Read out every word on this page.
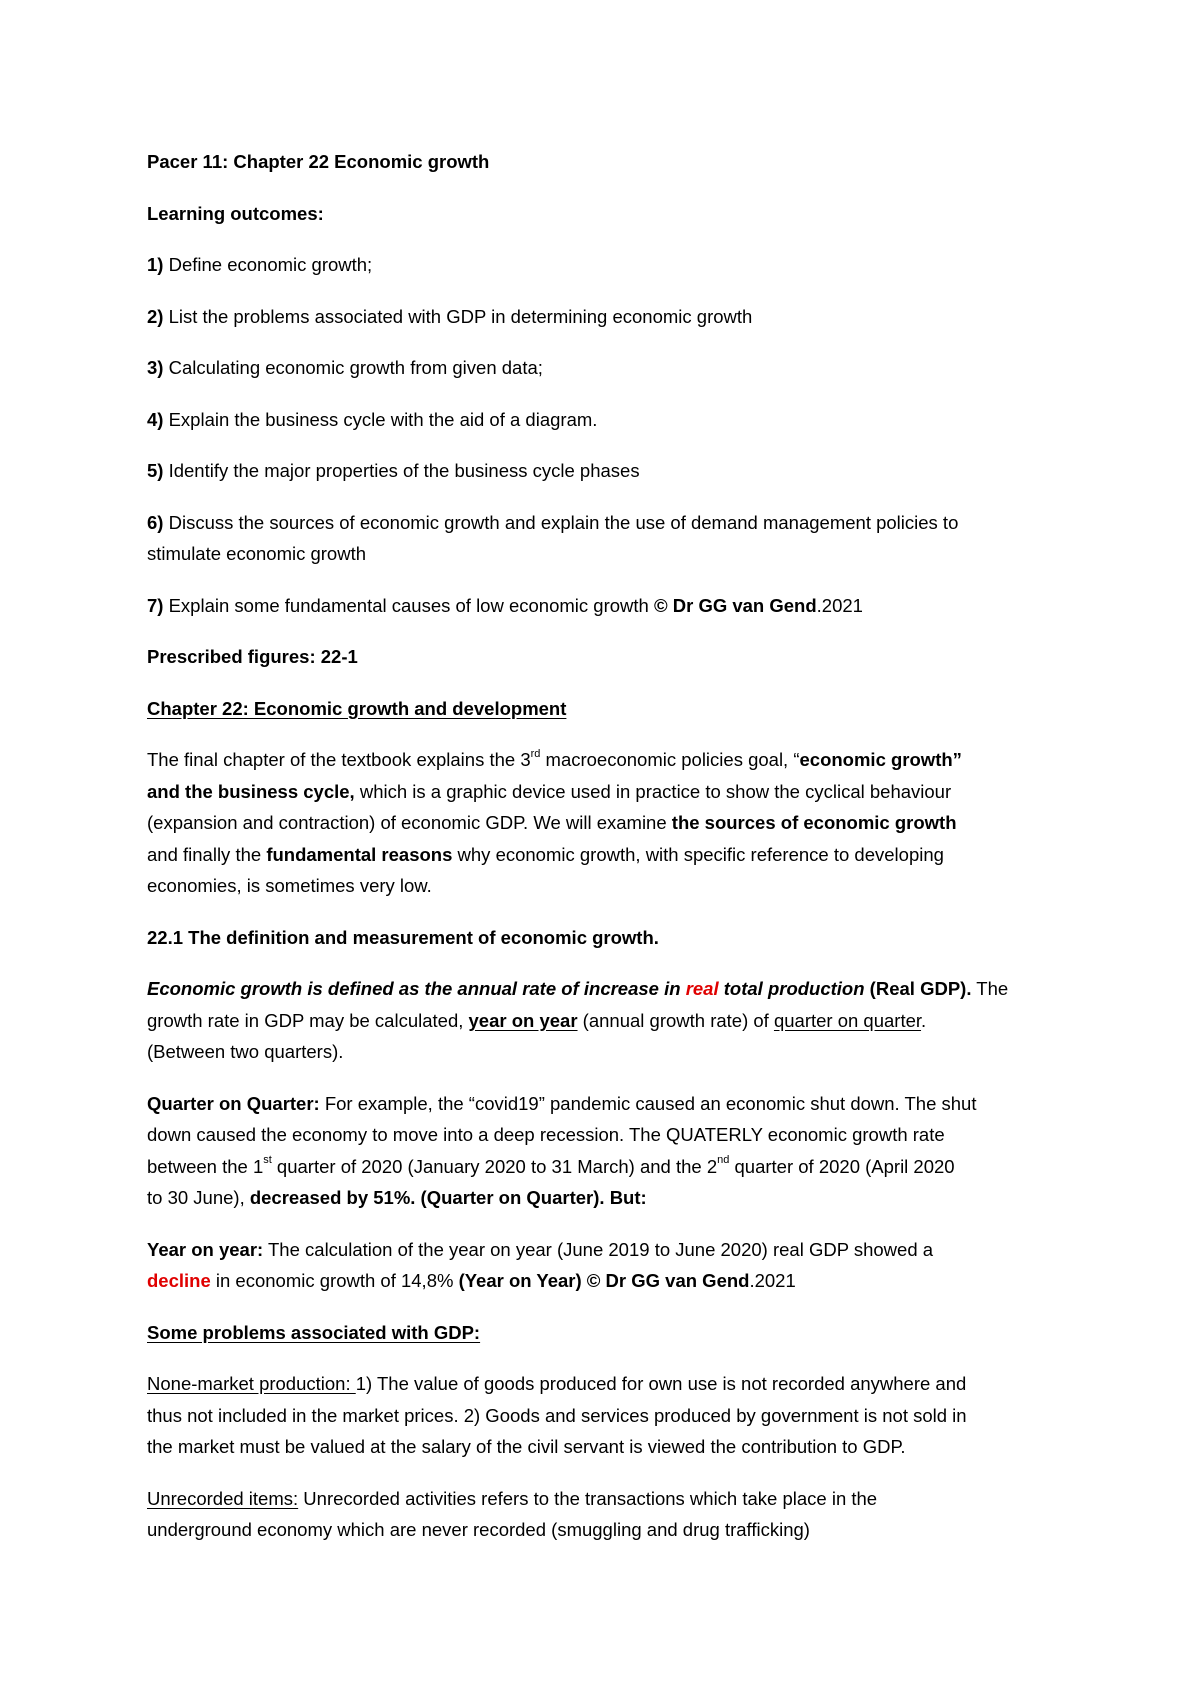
Pacer 11: Chapter 22 Economic growth

Learning outcomes:

1) Define economic growth;

2) List the problems associated with GDP in determining economic growth

3) Calculating economic growth from given data;

4) Explain the business cycle with the aid of a diagram.

5) Identify the major properties of the business cycle phases

6) Discuss the sources of economic growth and explain the use of demand management policies to
stimulate economic growth

7) Explain some fundamental causes of low economic growth © Dr GG van Gend.2021

Prescribed figures: 22-1

Chapter 22: Economic growth and development

The final chapter of the textbook explains the 3rd macroeconomic policies goal, “economic growth”
and the business cycle, which is a graphic device used in practice to show the cyclical behaviour
(expansion and contraction) of economic GDP. We will examine the sources of economic growth
and finally the fundamental reasons why economic growth, with specific reference to developing
economies, is sometimes very low.

22.1 The definition and measurement of economic growth.

Economic growth is defined as the annual rate of increase in real total production (Real GDP). The
growth rate in GDP may be calculated, year on year (annual growth rate) of quarter on quarter.
(Between two quarters).

Quarter on Quarter: For example, the “covid19” pandemic caused an economic shut down. The shut
down caused the economy to move into a deep recession. The QUATERLY economic growth rate
between the 1st quarter of 2020 (January 2020 to 31 March) and the 2nd quarter of 2020 (April 2020
to 30 June), decreased by 51%. (Quarter on Quarter). But:

Year on year: The calculation of the year on year (June 2019 to June 2020) real GDP showed a
decline in economic growth of 14,8% (Year on Year) © Dr GG van Gend.2021

Some problems associated with GDP:

None-market production: 1) The value of goods produced for own use is not recorded anywhere and
thus not included in the market prices. 2) Goods and services produced by government is not sold in
the market must be valued at the salary of the civil servant is viewed the contribution to GDP.

Unrecorded items: Unrecorded activities refers to the transactions which take place in the
underground economy which are never recorded (smuggling and drug trafficking)
